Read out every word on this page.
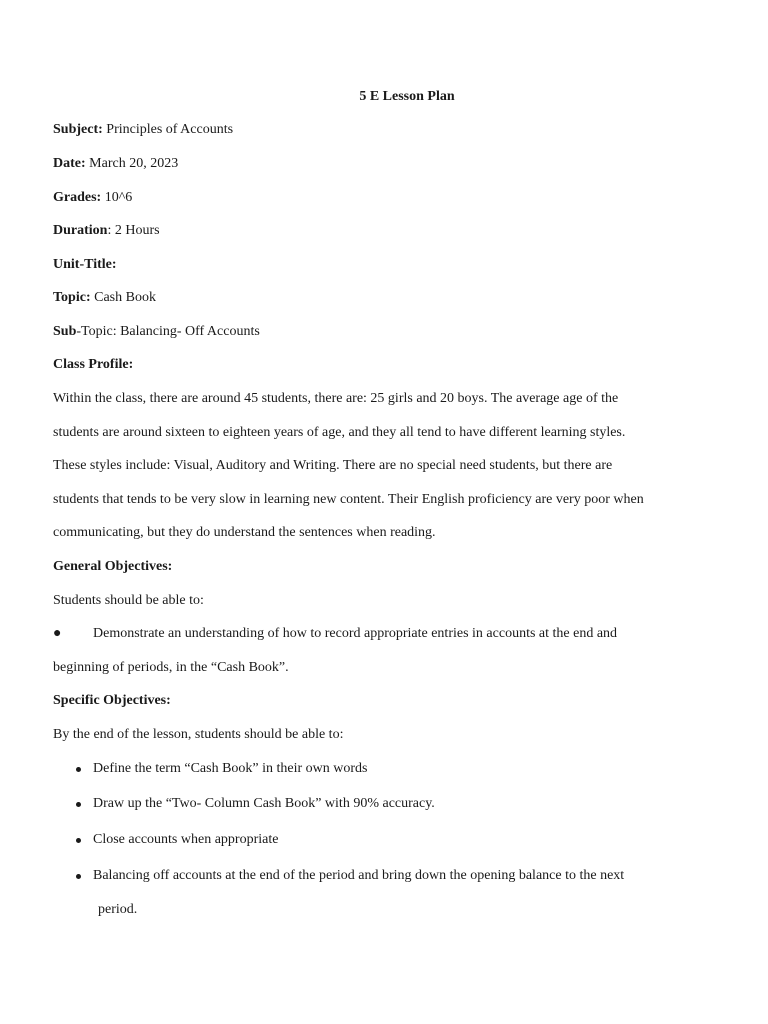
5 E Lesson Plan
Subject: Principles of Accounts
Date: March 20, 2023
Grades: 10^6
Duration: 2 Hours
Unit-Title:
Topic: Cash Book
Sub-Topic: Balancing- Off Accounts
Class Profile:
Within the class, there are around 45 students, there are: 25 girls and 20 boys. The average age of the
students are around sixteen to eighteen years of age, and they all tend to have different learning styles.
These styles include: Visual, Auditory and Writing. There are no special need students, but there are
students that tends to be very slow in learning new content. Their English proficiency are very poor when
communicating, but they do understand the sentences when reading.
General Objectives:
Students should be able to:
● Demonstrate an understanding of how to record appropriate entries in accounts at the end and
beginning of periods, in the “Cash Book”.
Specific Objectives:
By the end of the lesson, students should be able to:
Define the term “Cash Book” in their own words
Draw up the “Two- Column Cash Book” with 90% accuracy.
Close accounts when appropriate
Balancing off accounts at the end of the period and bring down the opening balance to the next
period.
